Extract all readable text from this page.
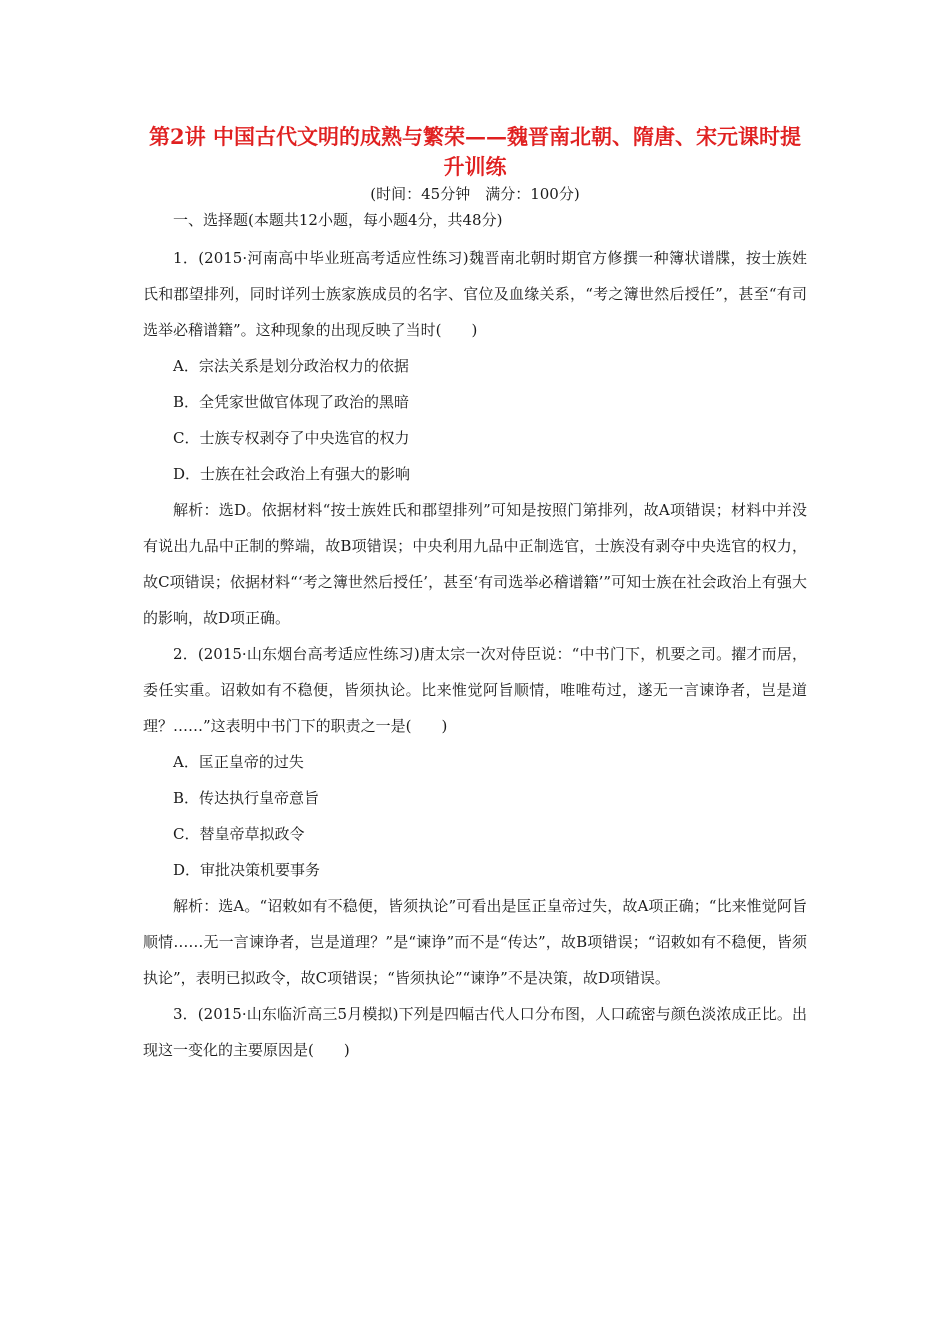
第2讲 中国古代文明的成熟与繁荣——魏晋南北朝、隋唐、宋元课时提升训练
(时间：45分钟　满分：100分)
一、选择题(本题共12小题，每小题4分，共48分)

1．(2015·河南高中毕业班高考适应性练习)魏晋南北朝时期官方修撰一种簿状谱牒，按士族姓氏和郡望排列，同时详列士族家族成员的名字、官位及血缘关系，“考之簿世然后授任”，甚至“有司选举必稽谱籍”。这种现象的出现反映了当时(　　)

A．宗法关系是划分政治权力的依据

B．全凭家世做官体现了政治的黑暗

C．士族专权剥夺了中央选官的权力

D．士族在社会政治上有强大的影响

解析：选D。依据材料“按士族姓氏和郡望排列”可知是按照门第排列，故A项错误；材料中并没有说出九品中正制的弊端，故B项错误；中央利用九品中正制选官，士族没有剥夺中央选官的权力，故C项错误；依据材料“‘考之簿世然后授任’，甚至‘有司选举必稽谱籍’”可知士族在社会政治上有强大的影响，故D项正确。

2．(2015·山东烟台高考适应性练习)唐太宗一次对侍臣说：“中书门下，机要之司。擢才而居，委任实重。诏敕如有不稳便，皆须执论。比来惟觉阿旨顺情，唯唯苟过，遂无一言谏诤者，岂是道理？……”这表明中书门下的职责之一是(　　)

A．匡正皇帝的过失

B．传达执行皇帝意旨

C．替皇帝草拟政令

D．审批决策机要事务

解析：选A。“诏敕如有不稳便，皆须执论”可看出是匡正皇帝过失，故A项正确；“比来惟觉阿旨顺情……无一言谏诤者，岂是道理？”是“谏诤”而不是“传达”，故B项错误；“诏敕如有不稳便，皆须执论”，表明已拟政令，故C项错误；“皆须执论”“谏诤”不是决策，故D项错误。

3．(2015·山东临沂高三5月模拟)下列是四幅古代人口分布图，人口疏密与颜色淡浓成正比。出现这一变化的主要原因是(　　)
